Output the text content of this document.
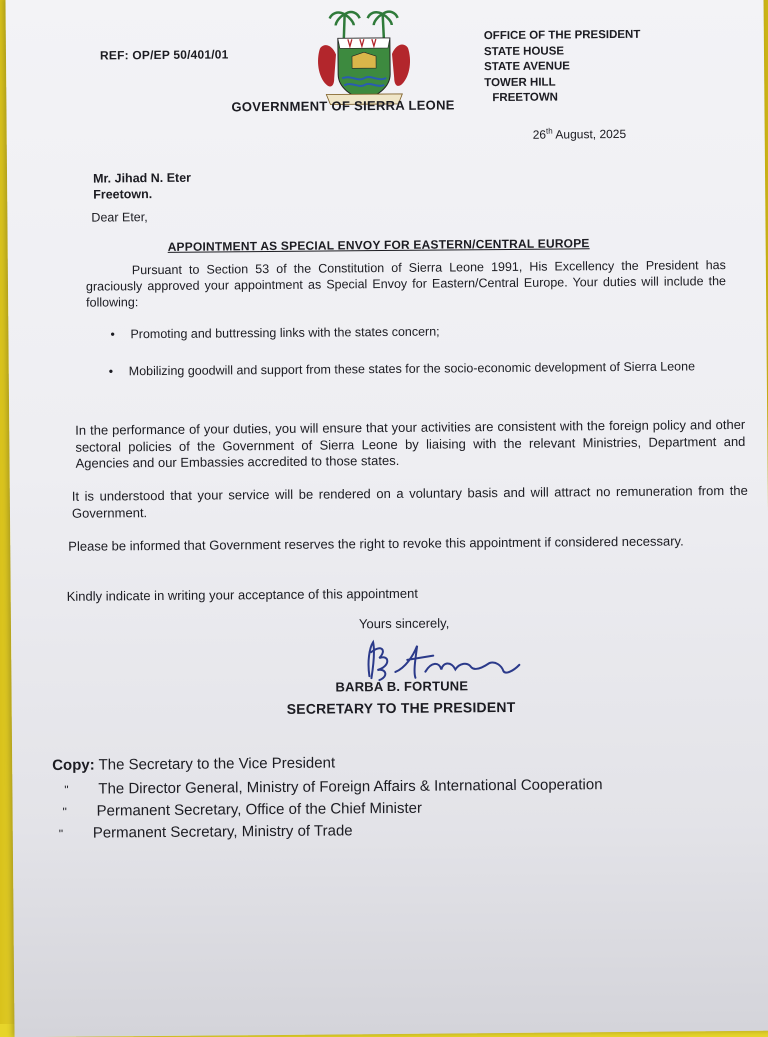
REF: OP/EP 50/401/01
OFFICE OF THE PRESIDENT
STATE HOUSE
STATE AVENUE
TOWER HILL
FREETOWN
GOVERNMENT OF SIERRA LEONE
26th August, 2025
Mr. Jihad N. Eter
Freetown.
Dear Eter,
APPOINTMENT AS SPECIAL ENVOY FOR EASTERN/CENTRAL EUROPE
Pursuant to Section 53 of the Constitution of Sierra Leone 1991, His Excellency the President has graciously approved your appointment as Special Envoy for Eastern/Central Europe. Your duties will include the following:
• Promoting and buttressing links with the states concern;
• Mobilizing goodwill and support from these states for the socio-economic development of Sierra Leone
In the performance of your duties, you will ensure that your activities are consistent with the foreign policy and other sectoral policies of the Government of Sierra Leone by liaising with the relevant Ministries, Department and Agencies and our Embassies accredited to those states.
It is understood that your service will be rendered on a voluntary basis and will attract no remuneration from the Government.
Please be informed that Government reserves the right to revoke this appointment if considered necessary.
Kindly indicate in writing your acceptance of this appointment
Yours sincerely,
BARBA B. FORTUNE
SECRETARY TO THE PRESIDENT
Copy: The Secretary to the Vice President
" The Director General, Ministry of Foreign Affairs & International Cooperation
" Permanent Secretary, Office of the Chief Minister
" Permanent Secretary, Ministry of Trade
